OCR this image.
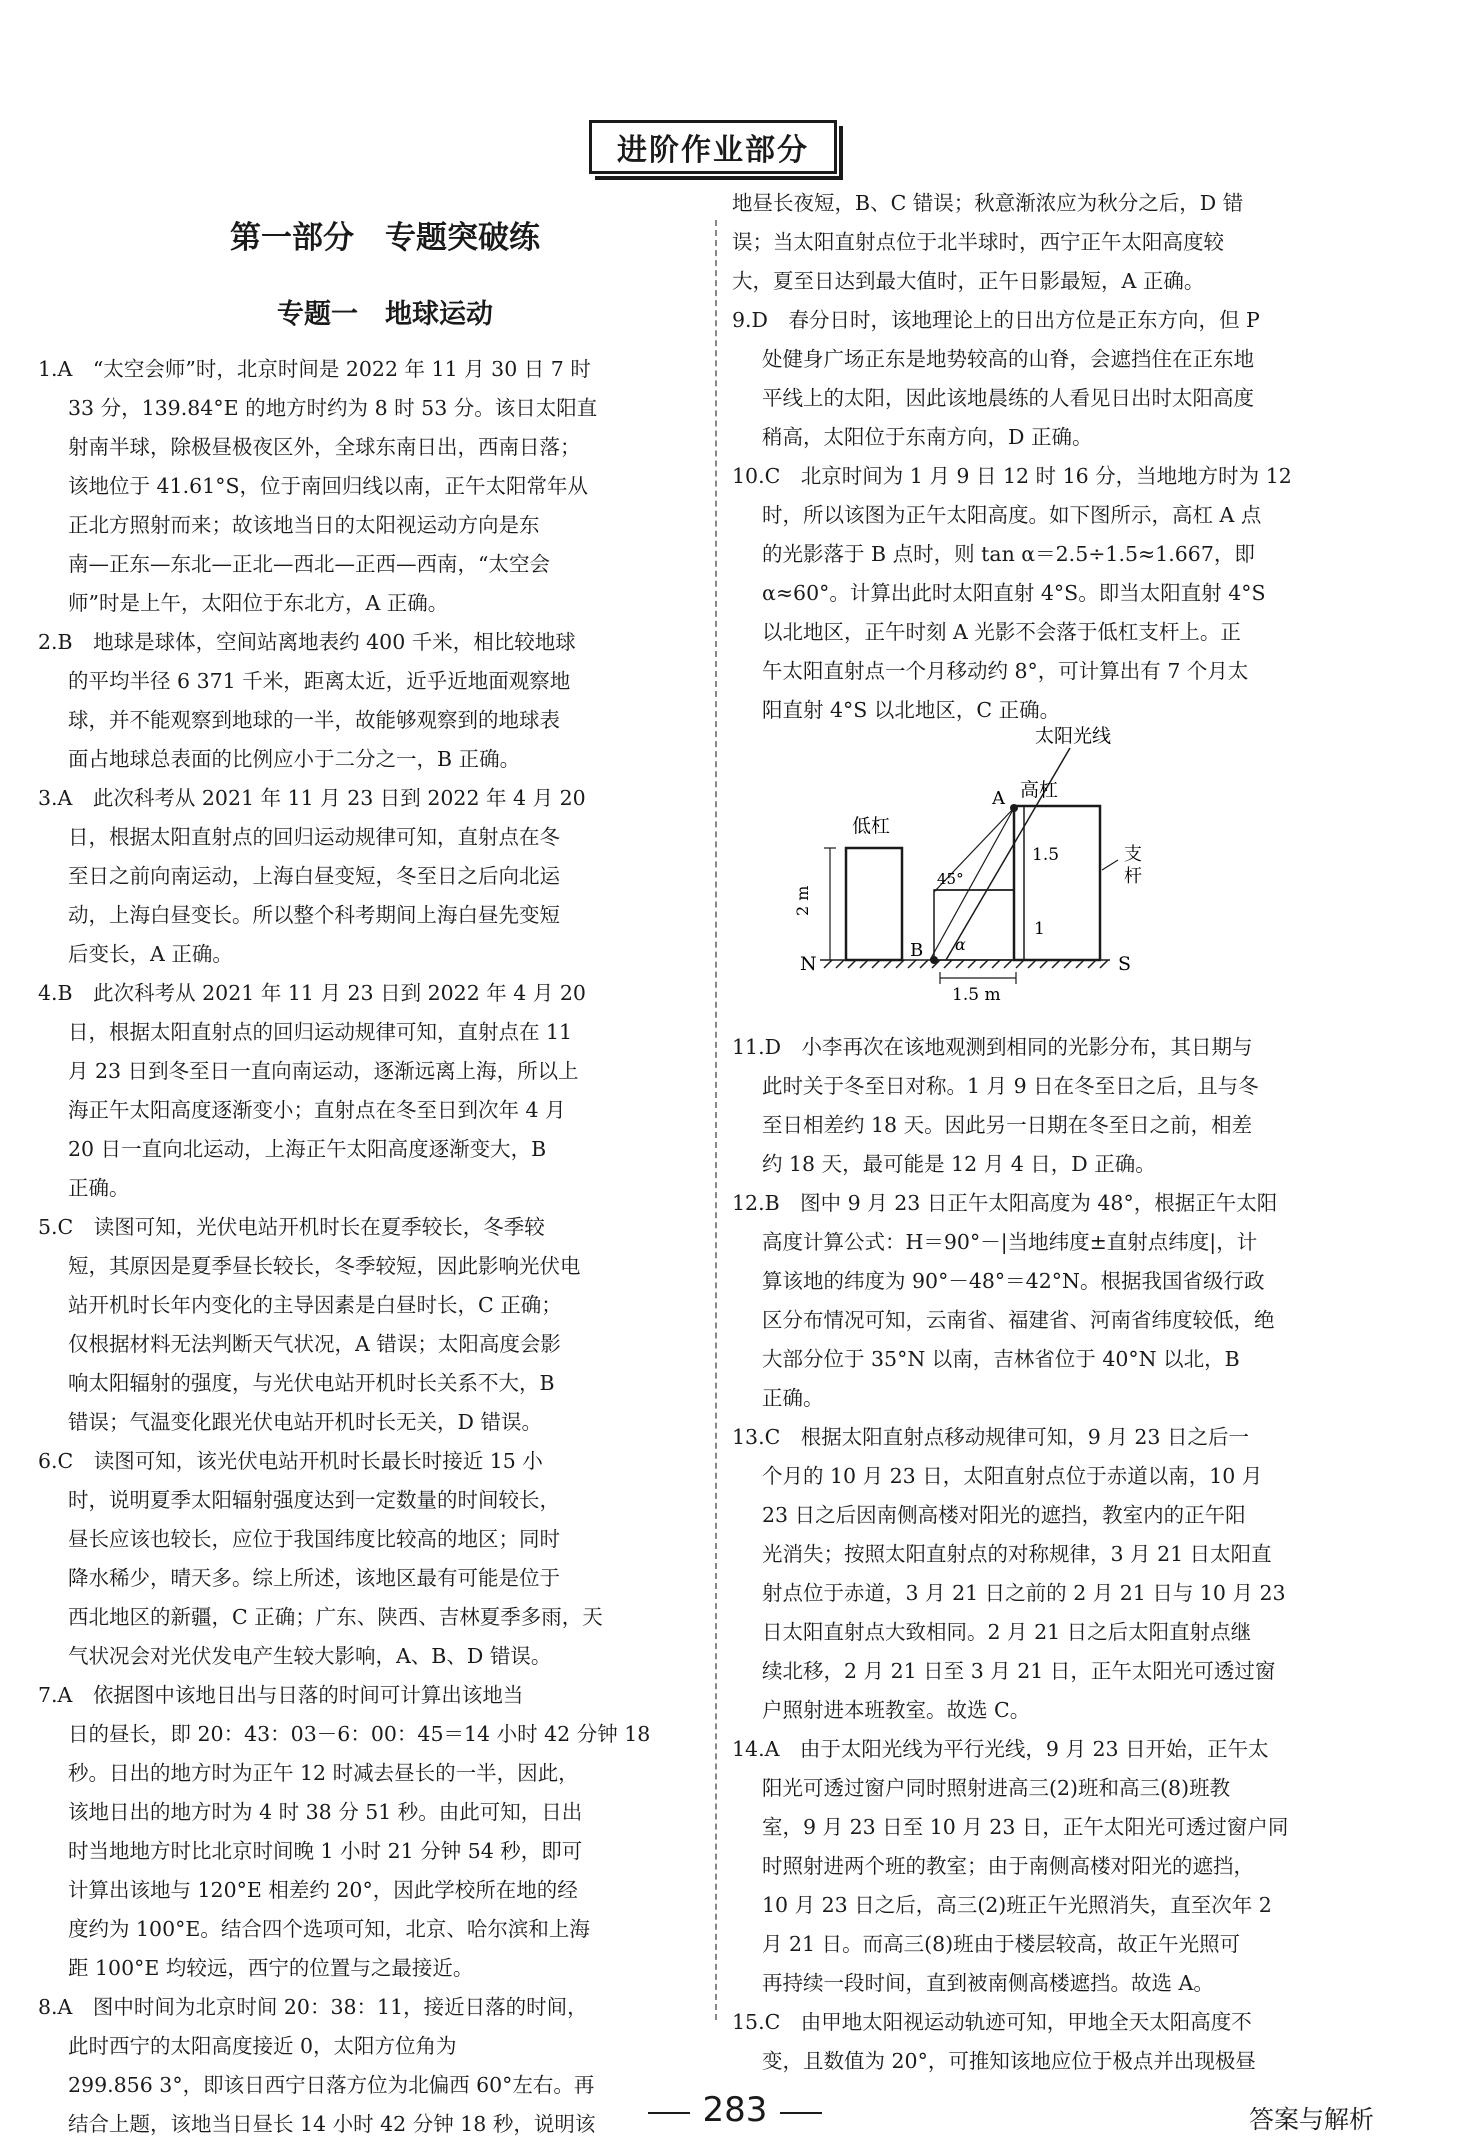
进阶作业部分
第一部分　专题突破练
专题一　地球运动
1.A　“太空会师”时，北京时间是 2022 年 11 月 30 日 7 时
33 分，139.84°E 的地方时约为 8 时 53 分。该日太阳直
射南半球，除极昼极夜区外，全球东南日出，西南日落；
该地位于 41.61°S，位于南回归线以南，正午太阳常年从
正北方照射而来；故该地当日的太阳视运动方向是东
南—正东—东北—正北—西北—正西—西南，“太空会
师”时是上午，太阳位于东北方，A 正确。
2.B　地球是球体，空间站离地表约 400 千米，相比较地球
的平均半径 6 371 千米，距离太近，近乎近地面观察地
球，并不能观察到地球的一半，故能够观察到的地球表
面占地球总表面的比例应小于二分之一，B 正确。
3.A　此次科考从 2021 年 11 月 23 日到 2022 年 4 月 20
日，根据太阳直射点的回归运动规律可知，直射点在冬
至日之前向南运动，上海白昼变短，冬至日之后向北运
动，上海白昼变长。所以整个科考期间上海白昼先变短
后变长，A 正确。
4.B　此次科考从 2021 年 11 月 23 日到 2022 年 4 月 20
日，根据太阳直射点的回归运动规律可知，直射点在 11
月 23 日到冬至日一直向南运动，逐渐远离上海，所以上
海正午太阳高度逐渐变小；直射点在冬至日到次年 4 月
20 日一直向北运动，上海正午太阳高度逐渐变大，B
正确。
5.C　读图可知，光伏电站开机时长在夏季较长，冬季较
短，其原因是夏季昼长较长，冬季较短，因此影响光伏电
站开机时长年内变化的主导因素是白昼时长，C 正确；
仅根据材料无法判断天气状况，A 错误；太阳高度会影
响太阳辐射的强度，与光伏电站开机时长关系不大，B
错误；气温变化跟光伏电站开机时长无关，D 错误。
6.C　读图可知，该光伏电站开机时长最长时接近 15 小
时，说明夏季太阳辐射强度达到一定数量的时间较长，
昼长应该也较长，应位于我国纬度比较高的地区；同时
降水稀少，晴天多。综上所述，该地区最有可能是位于
西北地区的新疆，C 正确；广东、陕西、吉林夏季多雨，天
气状况会对光伏发电产生较大影响，A、B、D 错误。
7.A　依据图中该地日出与日落的时间可计算出该地当
日的昼长，即 20：43：03－6：00：45＝14 小时 42 分钟 18
秒。日出的地方时为正午 12 时减去昼长的一半，因此，
该地日出的地方时为 4 时 38 分 51 秒。由此可知，日出
时当地地方时比北京时间晚 1 小时 21 分钟 54 秒，即可
计算出该地与 120°E 相差约 20°，因此学校所在地的经
度约为 100°E。结合四个选项可知，北京、哈尔滨和上海
距 100°E 均较远，西宁的位置与之最接近。
8.A　图中时间为北京时间 20：38：11，接近日落的时间，
此时西宁的太阳高度接近 0，太阳方位角为
299.856 3°，即该日西宁日落方位为北偏西 60°左右。再
结合上题，该地当日昼长 14 小时 42 分钟 18 秒，说明该
地昼长夜短，B、C 错误；秋意渐浓应为秋分之后，D 错
误；当太阳直射点位于北半球时，西宁正午太阳高度较
大，夏至日达到最大值时，正午日影最短，A 正确。
9.D　春分日时，该地理论上的日出方位是正东方向，但 P
处健身广场正东是地势较高的山脊，会遮挡住在正东地
平线上的太阳，因此该地晨练的人看见日出时太阳高度
稍高，太阳位于东南方向，D 正确。
10.C　北京时间为 1 月 9 日 12 时 16 分，当地地方时为 12
时，所以该图为正午太阳高度。如下图所示，高杠 A 点
的光影落于 B 点时，则 tan α＝2.5÷1.5≈1.667，即
α≈60°。计算出此时太阳直射 4°S。即当太阳直射 4°S
以北地区，正午时刻 A 光影不会落于低杠支杆上。正
午太阳直射点一个月移动约 8°，可计算出有 7 个月太
阳直射 4°S 以北地区，C 正确。
11.D　小李再次在该地观测到相同的光影分布，其日期与
此时关于冬至日对称。1 月 9 日在冬至日之后，且与冬
至日相差约 18 天。因此另一日期在冬至日之前，相差
约 18 天，最可能是 12 月 4 日，D 正确。
12.B　图中 9 月 23 日正午太阳高度为 48°，根据正午太阳
高度计算公式：H＝90°－|当地纬度±直射点纬度|，计
算该地的纬度为 90°－48°＝42°N。根据我国省级行政
区分布情况可知，云南省、福建省、河南省纬度较低，绝
大部分位于 35°N 以南，吉林省位于 40°N 以北，B
正确。
13.C　根据太阳直射点移动规律可知，9 月 23 日之后一
个月的 10 月 23 日，太阳直射点位于赤道以南，10 月
23 日之后因南侧高楼对阳光的遮挡，教室内的正午阳
光消失；按照太阳直射点的对称规律，3 月 21 日太阳直
射点位于赤道，3 月 21 日之前的 2 月 21 日与 10 月 23
日太阳直射点大致相同。2 月 21 日之后太阳直射点继
续北移，2 月 21 日至 3 月 21 日，正午太阳光可透过窗
户照射进本班教室。故选 C。
14.A　由于太阳光线为平行光线，9 月 23 日开始，正午太
阳光可透过窗户同时照射进高三(2)班和高三(8)班教
室，9 月 23 日至 10 月 23 日，正午太阳光可透过窗户同
时照射进两个班的教室；由于南侧高楼对阳光的遮挡，
10 月 23 日之后，高三(2)班正午光照消失，直至次年 2
月 21 日。而高三(8)班由于楼层较高，故正午光照可
再持续一段时间，直到被南侧高楼遮挡。故选 A。
15.C　由甲地太阳视运动轨迹可知，甲地全天太阳高度不
变，且数值为 20°，可推知该地应位于极点并出现极昼
太阳光线
低杠
高杠
A
B
45°
α
1.5
1
2 m
支
杆
N	S
1.5 m
283	答案与解析
